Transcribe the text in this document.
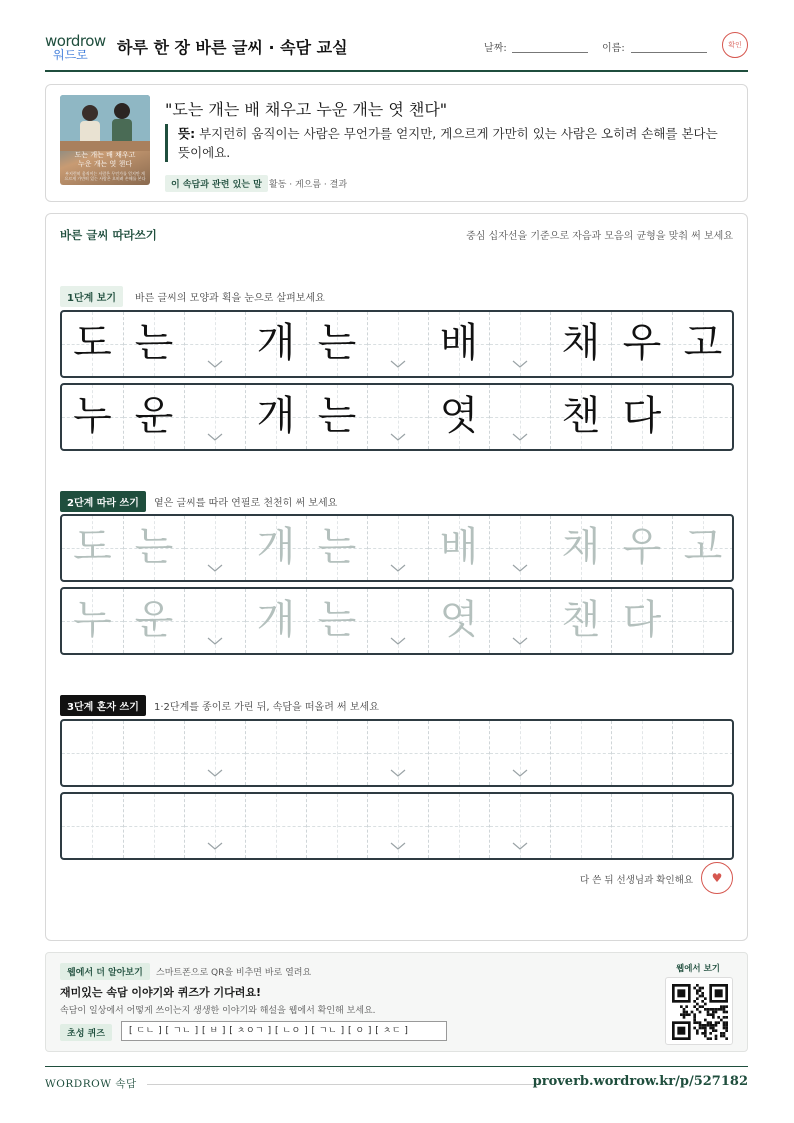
wordrow
워드로 하루 한 장 바른 글씨 · 속담 교실	날짜:	이름:	확인
도는 개는 배 채우고
누운 개는 엿 챈다
부지런히 움직이는 사람은 무언가를 얻지만 게으르게 가만히 있는 사람은 오히려 손해를 본다
"도는 개는 배 채우고 누운 개는 엿 챈다"
뜻: 부지런히 움직이는 사람은 무언가를 얻지만, 게으르게 가만히 있는 사람은 오히려 손해를 본다는 뜻이에요.
이 속담과 관련 있는 말 활동 · 게으름 · 결과
바른 글씨 따라쓰기	중심 십자선을 기준으로 자음과 모음의 균형을 맞춰 써 보세요
1단계 보기	바른 글씨의 모양과 획을 눈으로 살펴보세요
도 는 개 는 배 채 우 고
누 운 개 는 엿 챈 다
2단계 따라 쓰기	옅은 글씨를 따라 연필로 천천히 써 보세요
도 는 개 는 배 채 우 고
누 운 개 는 엿 챈 다
3단계 혼자 쓰기	1·2단계를 종이로 가린 뒤, 속담을 떠올려 써 보세요
다 쓴 뒤 선생님과 확인해요	♥
웹에서 더 알아보기	스마트폰으로 QR을 비추면 바로 열려요
재미있는 속담 이야기와 퀴즈가 기다려요!
속담이 일상에서 어떻게 쓰이는지 생생한 이야기와 해설을 웹에서 확인해 보세요.
초성 퀴즈	[ ㄷㄴ ] [ ㄱㄴ ] [ ㅂ ] [ ㅊㅇㄱ ] [ ㄴㅇ ] [ ㄱㄴ ] [ ㅇ ] [ ㅊㄷ ]
웹에서 보기
WORDROW 속담	proverb.wordrow.kr/p/527182
